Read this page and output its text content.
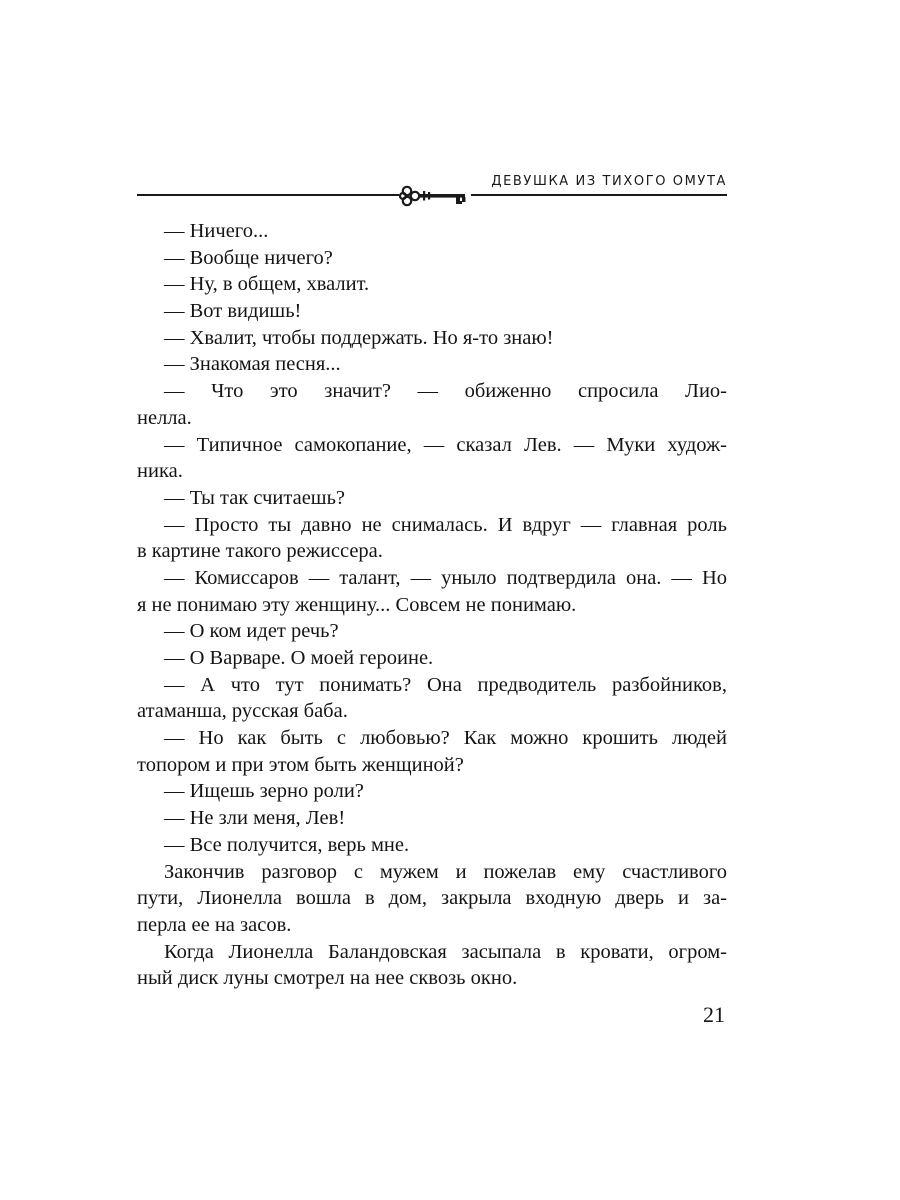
ДЕВУШКА ИЗ ТИХОГО ОМУТА
— Ничего...
— Вообще ничего?
— Ну, в общем, хвалит.
— Вот видишь!
— Хвалит, чтобы поддержать. Но я-то знаю!
— Знакомая песня...
— Что это значит? — обиженно спросила Лио-
нелла.
— Типичное самокопание, — сказал Лев. — Муки худож-
ника.
— Ты так считаешь?
— Просто ты давно не снималась. И вдруг — главная роль
в картине такого режиссера.
— Комиссаров — талант, — уныло подтвердила она. — Но
я не понимаю эту женщину... Совсем не понимаю.
— О ком идет речь?
— О Варваре. О моей героине.
— А что тут понимать? Она предводитель разбойников,
атаманша, русская баба.
— Но как быть с любовью? Как можно крошить людей
топором и при этом быть женщиной?
— Ищешь зерно роли?
— Не зли меня, Лев!
— Все получится, верь мне.
Закончив разговор с мужем и пожелав ему счастливого
пути, Лионелла вошла в дом, закрыла входную дверь и за-
перла ее на засов.
Когда Лионелла Баландовская засыпала в кровати, огром-
ный диск луны смотрел на нее сквозь окно.
21
